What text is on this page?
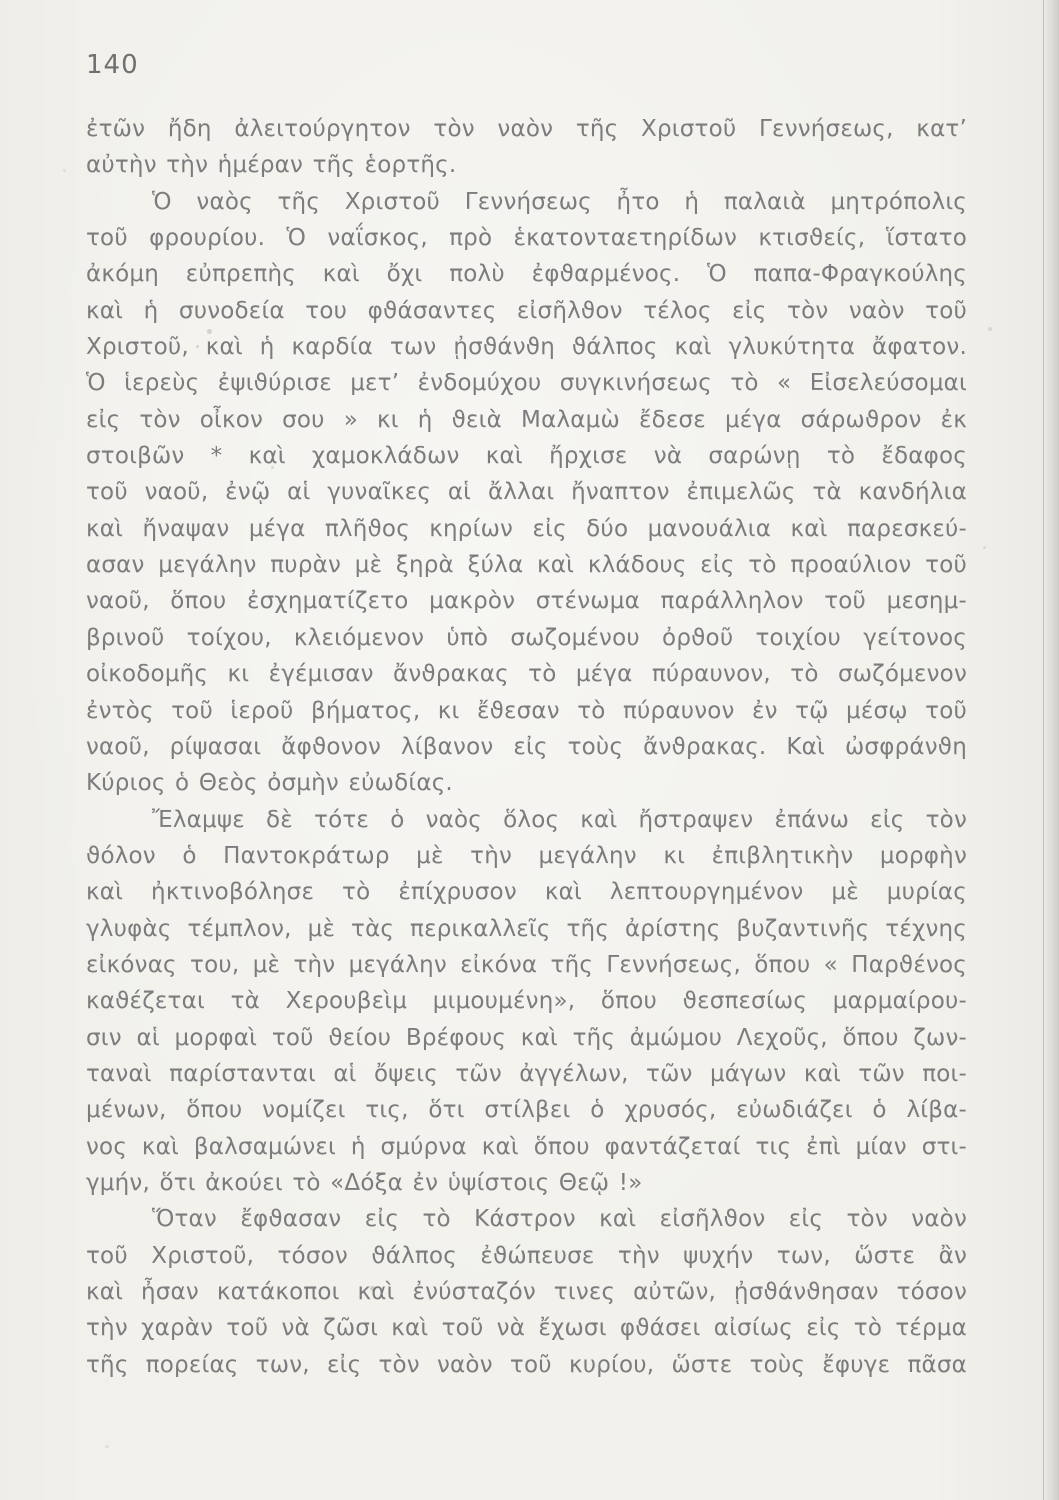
140
ἐτῶν ἤδη ἀλειτούργητον τὸν ναὸν τῆς Χριστοῦ Γεννήσεως, κατ’
αὐτὴν τὴν ἡμέραν τῆς ἑορτῆς.
Ὁ ναὸς τῆς Χριστοῦ Γεννήσεως ἦτο ἡ παλαιὰ μητρόπολις
τοῦ φρουρίου. Ὁ ναΐσκος, πρὸ ἑκατονταετηρίδων κτισϑείς, ἵστατο
ἀκόμη εὐπρεπὴς καὶ ὄχι πολὺ ἐφϑαρμένος. Ὁ παπα-Φραγκούλης
καὶ ἡ συνοδεία του φϑάσαντες εἰσῆλϑον τέλος εἰς τὸν ναὸν τοῦ
Χριστοῦ, καὶ ἡ καρδία των ᾐσϑάνϑη ϑάλπος καὶ γλυκύτητα ἄφατον.
Ὁ ἱερεὺς ἐψιϑύρισε μετ’ ἐνδομύχου συγκινήσεως τὸ « Εἰσελεύσομαι
εἰς τὸν οἶκον σου » κι ἡ ϑειὰ Μαλαμὼ ἔδεσε μέγα σάρωϑρον ἐκ
στοιβῶν * καὶ χαμοκλάδων καὶ ἤρχισε νὰ σαρώνῃ τὸ ἔδαφος
τοῦ ναοῦ, ἐνῷ αἱ γυναῖκες αἱ ἄλλαι ἤναπτον ἐπιμελῶς τὰ κανδήλια
καὶ ἤναψαν μέγα πλῆϑος κηρίων εἰς δύο μανουάλια καὶ παρεσκεύ-
ασαν μεγάλην πυρὰν μὲ ξηρὰ ξύλα καὶ κλάδους εἰς τὸ προαύλιον τοῦ
ναοῦ, ὅπου ἐσχηματίζετο μακρὸν στένωμα παράλληλον τοῦ μεσημ-
βρινοῦ τοίχου, κλειόμενον ὑπὸ σωζομένου ὀρϑοῦ τοιχίου γείτονος
οἰκοδομῆς κι ἐγέμισαν ἄνϑρακας τὸ μέγα πύραυνον, τὸ σωζόμενον
ἐντὸς τοῦ ἱεροῦ βήματος, κι ἔϑεσαν τὸ πύραυνον ἐν τῷ μέσῳ τοῦ
ναοῦ, ρίψασαι ἄφϑονον λίβανον εἰς τοὺς ἄνϑρακας. Καὶ ὠσφράνϑη
Κύριος ὁ Θεὸς ὀσμὴν εὐωδίας.
Ἔλαμψε δὲ τότε ὁ ναὸς ὅλος καὶ ἤστραψεν ἐπάνω εἰς τὸν
ϑόλον ὁ Παντοκράτωρ μὲ τὴν μεγάλην κι ἐπιβλητικὴν μορφὴν
καὶ ἠκτινοβόλησε τὸ ἐπίχρυσον καὶ λεπτουργημένον μὲ μυρίας
γλυφὰς τέμπλον, μὲ τὰς περικαλλεῖς τῆς ἀρίστης βυζαντινῆς τέχνης
εἰκόνας του, μὲ τὴν μεγάλην εἰκόνα τῆς Γεννήσεως, ὅπου « Παρϑένος
καϑέζεται τὰ Χερουβεὶμ μιμουμένη», ὅπου ϑεσπεσίως μαρμαίρου-
σιν αἱ μορφαὶ τοῦ ϑείου Βρέφους καὶ τῆς ἀμώμου Λεχοῦς, ὅπου ζων-
ταναὶ παρίστανται αἱ ὄψεις τῶν ἀγγέλων, τῶν μάγων καὶ τῶν ποι-
μένων, ὅπου νομίζει τις, ὅτι στίλβει ὁ χρυσός, εὐωδιάζει ὁ λίβα-
νος καὶ βαλσαμώνει ἡ σμύρνα καὶ ὅπου φαντάζεταί τις ἐπὶ μίαν στι-
γμήν, ὅτι ἀκούει τὸ «Δόξα ἐν ὑψίστοις Θεῷ !»
Ὅταν ἔφϑασαν εἰς τὸ Κάστρον καὶ εἰσῆλϑον εἰς τὸν ναὸν
τοῦ Χριστοῦ, τόσον ϑάλπος ἐϑώπευσε τὴν ψυχήν των, ὥστε ἂν
καὶ ἦσαν κατάκοποι καὶ ἐνύσταζόν τινες αὐτῶν, ᾐσϑάνϑησαν τόσον
τὴν χαρὰν τοῦ νὰ ζῶσι καὶ τοῦ νὰ ἔχωσι φϑάσει αἰσίως εἰς τὸ τέρμα
τῆς πορείας των, εἰς τὸν ναὸν τοῦ κυρίου, ὥστε τοὺς ἔφυγε πᾶσα
